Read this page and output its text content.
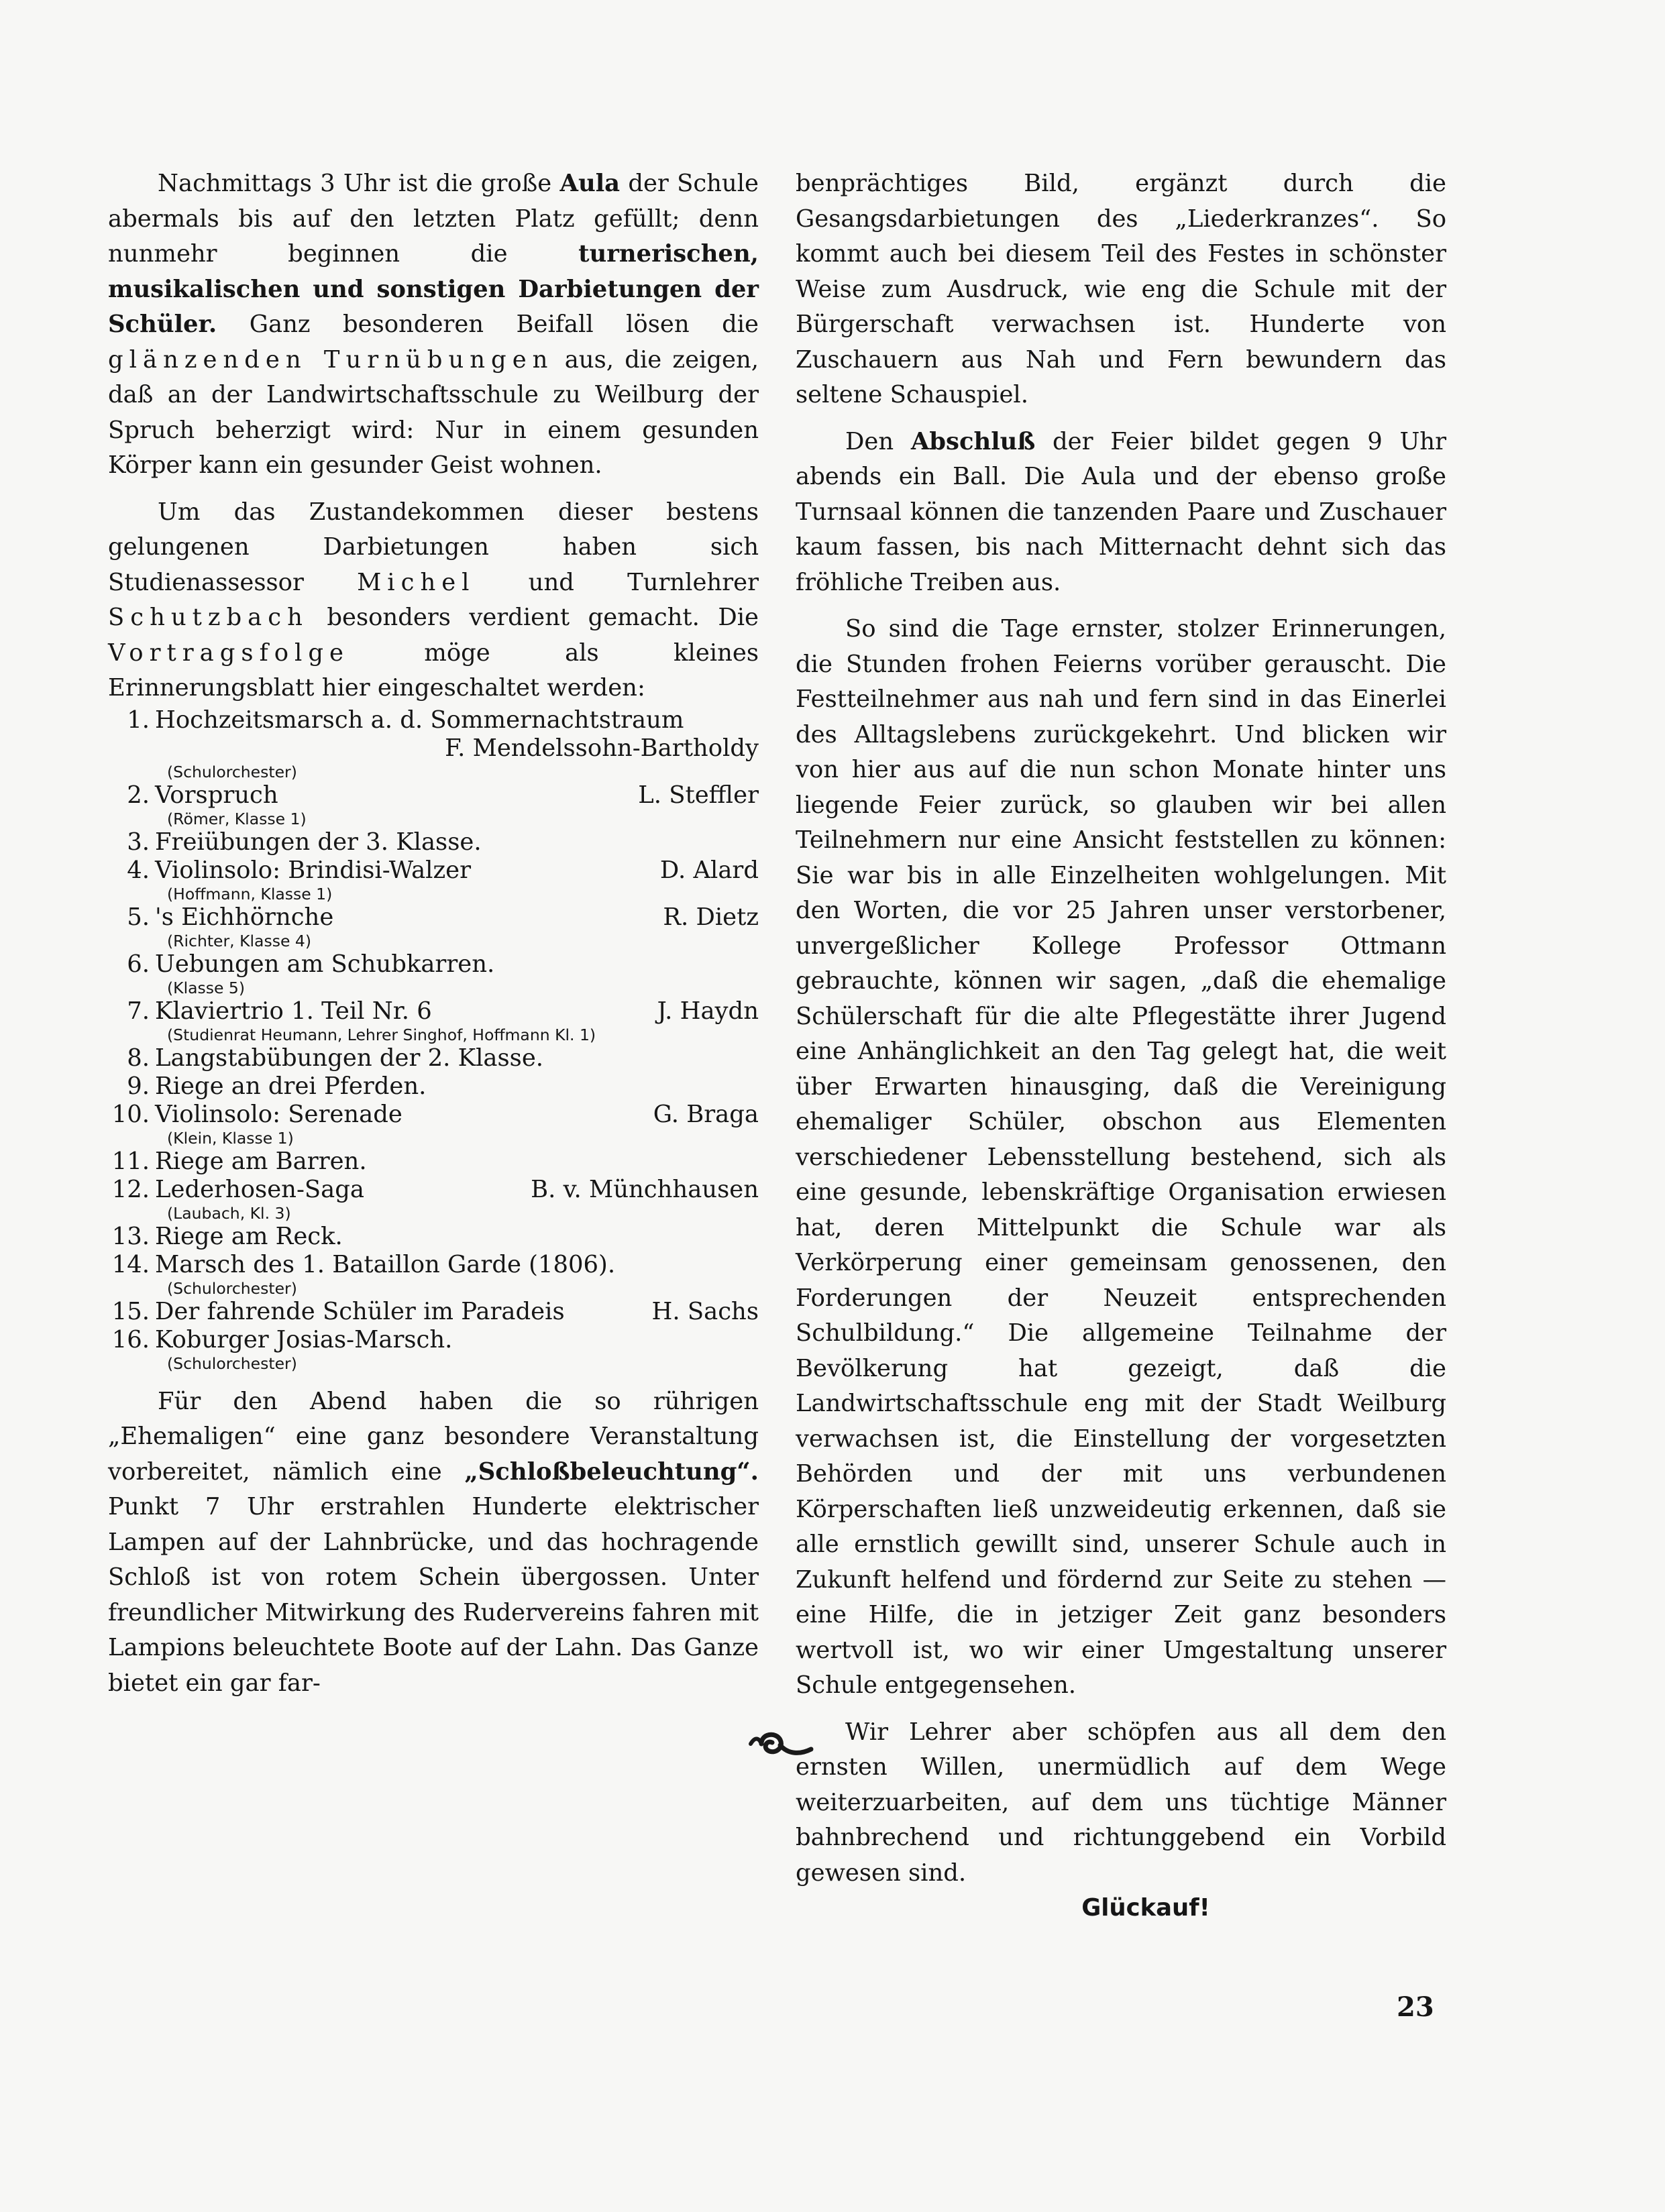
Nachmittags 3 Uhr ist die große Aula der Schule abermals bis auf den letzten Platz gefüllt; denn nunmehr beginnen die turnerischen, musikalischen und sonstigen Darbietungen der Schüler. Ganz besonderen Beifall lösen die glänzenden Turnübungen aus, die zeigen, daß an der Landwirtschaftsschule zu Weilburg der Spruch beherzigt wird: Nur in einem gesunden Körper kann ein gesunder Geist wohnen.

Um das Zustandekommen dieser bestens gelungenen Darbietungen haben sich Studienassessor Michel und Turnlehrer Schutzbach besonders verdient gemacht. Die Vortragsfolge möge als kleines Erinnerungsblatt hier eingeschaltet werden:

1. Hochzeitsmarsch a. d. Sommernachtstraum
F. Mendelssohn-Bartholdy
(Schulorchester)
2. Vorspruch	L. Steffler
(Römer, Klasse 1)
3. Freiübungen der 3. Klasse.
4. Violinsolo: Brindisi-Walzer	D. Alard
(Hoffmann, Klasse 1)
5. 's Eichhörnche	R. Dietz
(Richter, Klasse 4)
6. Uebungen am Schubkarren.
(Klasse 5)
7. Klaviertrio 1. Teil Nr. 6	J. Haydn
(Studienrat Heumann, Lehrer Singhof, Hoffmann Kl. 1)
8. Langstabübungen der 2. Klasse.
9. Riege an drei Pferden.
10. Violinsolo: Serenade	G. Braga
(Klein, Klasse 1)
11. Riege am Barren.
12. Lederhosen-Saga	B. v. Münchhausen
(Laubach, Kl. 3)
13. Riege am Reck.
14. Marsch des 1. Bataillon Garde (1806).
(Schulorchester)
15. Der fahrende Schüler im Paradeis	H. Sachs
16. Koburger Josias-Marsch.
(Schulorchester)

Für den Abend haben die so rührigen „Ehemaligen“ eine ganz besondere Veranstaltung vorbereitet, nämlich eine „Schloßbeleuchtung“. Punkt 7 Uhr erstrahlen Hunderte elektrischer Lampen auf der Lahnbrücke, und das hochragende Schloß ist von rotem Schein übergossen. Unter freundlicher Mitwirkung des Rudervereins fahren mit Lampions beleuchtete Boote auf der Lahn. Das Ganze bietet ein gar far-

benprächtiges Bild, ergänzt durch die Gesangsdarbietungen des „Liederkranzes“. So kommt auch bei diesem Teil des Festes in schönster Weise zum Ausdruck, wie eng die Schule mit der Bürgerschaft verwachsen ist. Hunderte von Zuschauern aus Nah und Fern bewundern das seltene Schauspiel.

Den Abschluß der Feier bildet gegen 9 Uhr abends ein Ball. Die Aula und der ebenso große Turnsaal können die tanzenden Paare und Zuschauer kaum fassen, bis nach Mitternacht dehnt sich das fröhliche Treiben aus.

So sind die Tage ernster, stolzer Erinnerungen, die Stunden frohen Feierns vorüber gerauscht. Die Festteilnehmer aus nah und fern sind in das Einerlei des Alltagslebens zurückgekehrt. Und blicken wir von hier aus auf die nun schon Monate hinter uns liegende Feier zurück, so glauben wir bei allen Teilnehmern nur eine Ansicht feststellen zu können: Sie war bis in alle Einzelheiten wohlgelungen. Mit den Worten, die vor 25 Jahren unser verstorbener, unvergeßlicher Kollege Professor Ottmann gebrauchte, können wir sagen, „daß die ehemalige Schülerschaft für die alte Pflegestätte ihrer Jugend eine Anhänglichkeit an den Tag gelegt hat, die weit über Erwarten hinausging, daß die Vereinigung ehemaliger Schüler, obschon aus Elementen verschiedener Lebensstellung bestehend, sich als eine gesunde, lebenskräftige Organisation erwiesen hat, deren Mittelpunkt die Schule war als Verkörperung einer gemeinsam genossenen, den Forderungen der Neuzeit entsprechenden Schulbildung.“ Die allgemeine Teilnahme der Bevölkerung hat gezeigt, daß die Landwirtschaftsschule eng mit der Stadt Weilburg verwachsen ist, die Einstellung der vorgesetzten Behörden und der mit uns verbundenen Körperschaften ließ unzweideutig erkennen, daß sie alle ernstlich gewillt sind, unserer Schule auch in Zukunft helfend und fördernd zur Seite zu stehen — eine Hilfe, die in jetziger Zeit ganz besonders wertvoll ist, wo wir einer Umgestaltung unserer Schule entgegensehen.

Wir Lehrer aber schöpfen aus all dem den ernsten Willen, unermüdlich auf dem Wege weiterzuarbeiten, auf dem uns tüchtige Männer bahnbrechend und richtunggebend ein Vorbild gewesen sind.

Glückauf!

23
